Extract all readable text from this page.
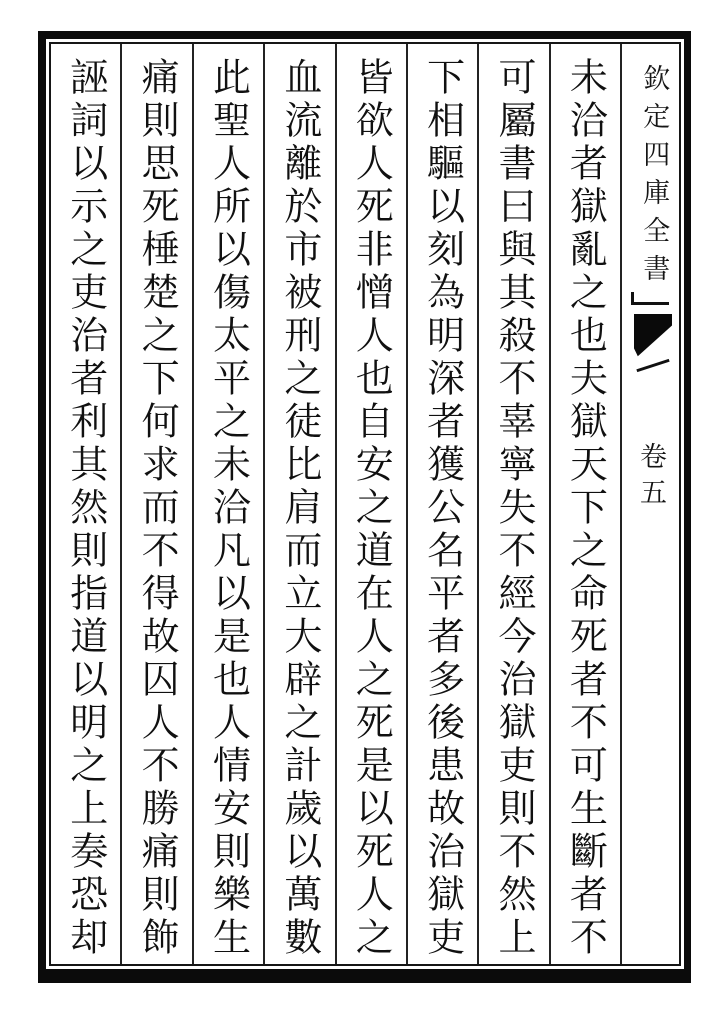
欽定四庫全書
卷五
未洽者獄亂之也夫獄天下之命死者不可生斷者不
可屬書曰與其殺不辜寧失不經今治獄吏則不然上
下相驅以刻為明深者獲公名平者多後患故治獄吏
皆欲人死非憎人也自安之道在人之死是以死人之
血流離於市被刑之徒比肩而立大辟之計歲以萬數
此聖人所以傷太平之未洽凡以是也人情安則樂生
痛則思死棰楚之下何求而不得故囚人不勝痛則飾
誣詞以示之吏治者利其然則指道以明之上奏恐却
